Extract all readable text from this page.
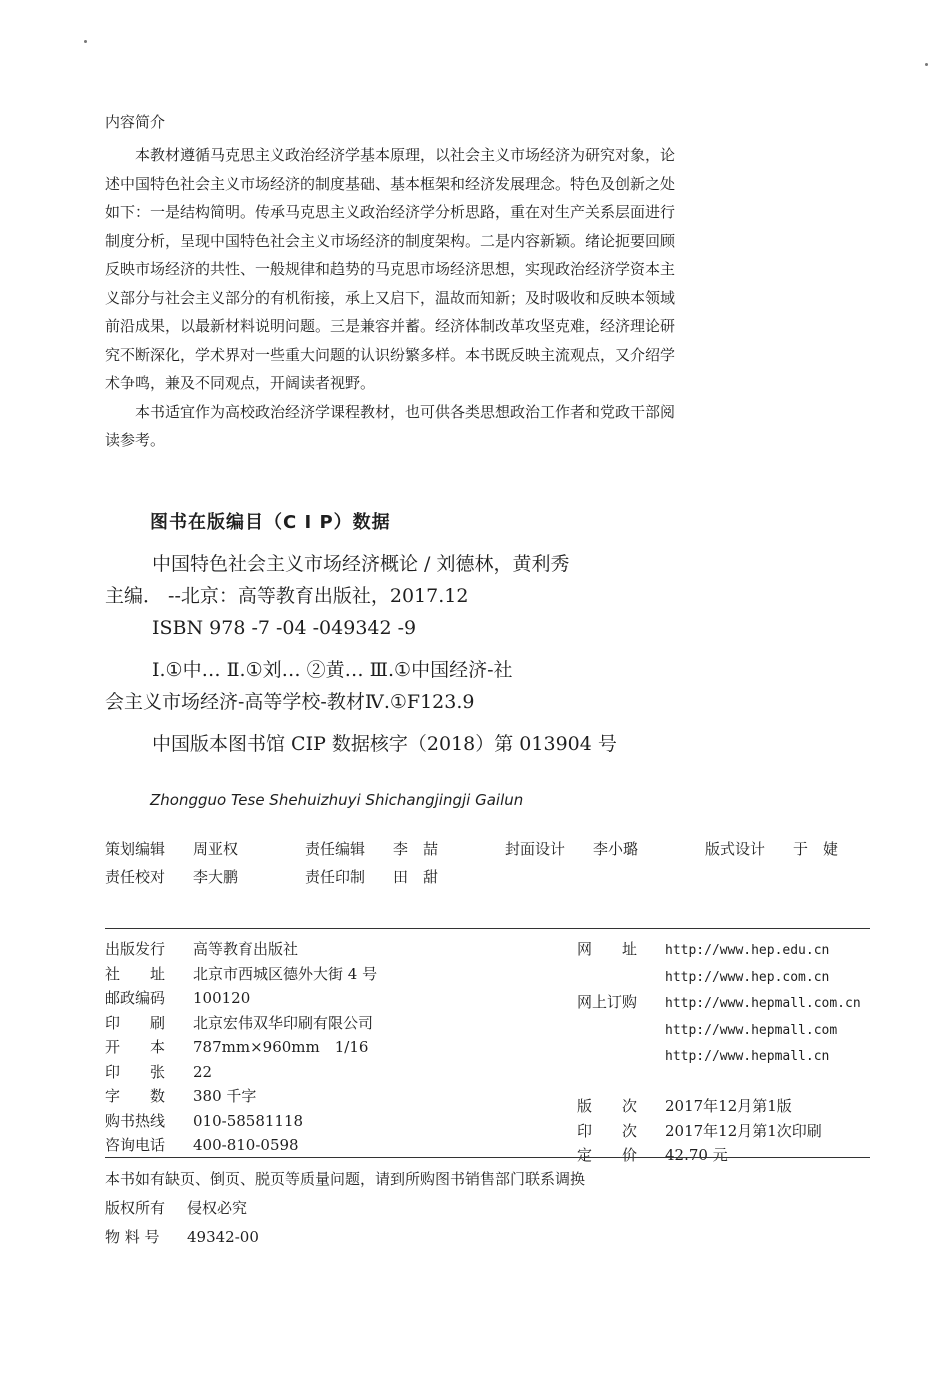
内容简介

本教材遵循马克思主义政治经济学基本原理，以社会主义市场经济为研究对象，论述中国特色社会主义市场经济的制度基础、基本框架和经济发展理念。特色及创新之处如下：一是结构简明。传承马克思主义政治经济学分析思路，重在对生产关系层面进行制度分析，呈现中国特色社会主义市场经济的制度架构。二是内容新颖。绪论扼要回顾反映市场经济的共性、一般规律和趋势的马克思市场经济思想，实现政治经济学资本主义部分与社会主义部分的有机衔接，承上又启下，温故而知新；及时吸收和反映本领域前沿成果，以最新材料说明问题。三是兼容并蓄。经济体制改革攻坚克难，经济理论研究不断深化，学术界对一些重大问题的认识纷繁多样。本书既反映主流观点，又介绍学术争鸣，兼及不同观点，开阔读者视野。

本书适宜作为高校政治经济学课程教材，也可供各类思想政治工作者和党政干部阅读参考。

图书在版编目（C I P）数据
中国特色社会主义市场经济概论 / 刘德林，黄利秀
主编． --北京：高等教育出版社，2017.12
ISBN 978 -7 -04 -049342 -9
Ⅰ.①中… Ⅱ.①刘… ②黄… Ⅲ.①中国经济-社
会主义市场经济-高等学校-教材Ⅳ.①F123.9
中国版本图书馆 CIP 数据核字（2018）第 013904 号
Zhongguo Tese Shehuizhuyi Shichangjingji Gailun
策划编辑 周亚权
责任校对 李大鹏
责任编辑 李　喆
责任印制 田　甜
封面设计 李小璐	版式设计 于　婕
出版发行 高等教育出版社
社　　址 北京市西城区德外大街 4 号
邮政编码 100120
印　　刷 北京宏伟双华印刷有限公司
开　　本 787mm×960mm　1/16
印　　张 22
字　　数 380 千字
购书热线 010-58581118
咨询电话 400-810-0598
网　　址 http://www.hep.edu.cn
http://www.hep.com.cn
网上订购 http://www.hepmall.com.cn
http://www.hepmall.com
http://www.hepmall.cn

版　　次 2017年12月第1版
印　　次 2017年12月第1次印刷
定　　价 42.70 元
本书如有缺页、倒页、脱页等质量问题，请到所购图书销售部门联系调换
版权所有 侵权必究
物 料 号 49342-00
